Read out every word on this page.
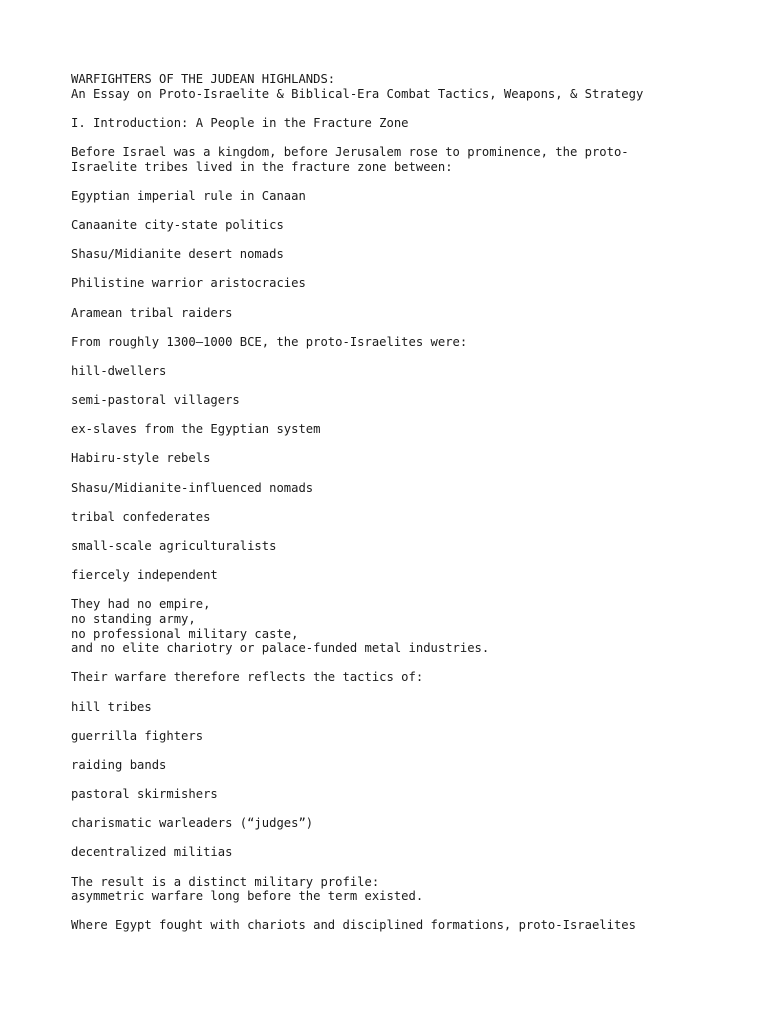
WARFIGHTERS OF THE JUDEAN HIGHLANDS:
An Essay on Proto-Israelite & Biblical-Era Combat Tactics, Weapons, & Strategy
I. Introduction: A People in the Fracture Zone
Before Israel was a kingdom, before Jerusalem rose to prominence, the proto-
Israelite tribes lived in the fracture zone between:
Egyptian imperial rule in Canaan
Canaanite city-state politics
Shasu/Midianite desert nomads
Philistine warrior aristocracies
Aramean tribal raiders
From roughly 1300–1000 BCE, the proto-Israelites were:
hill-dwellers
semi-pastoral villagers
ex-slaves from the Egyptian system
Habiru-style rebels
Shasu/Midianite-influenced nomads
tribal confederates
small-scale agriculturalists
fiercely independent
They had no empire,
no standing army,
no professional military caste,
and no elite chariotry or palace-funded metal industries.
Their warfare therefore reflects the tactics of:
hill tribes
guerrilla fighters
raiding bands
pastoral skirmishers
charismatic warleaders (“judges”)
decentralized militias
The result is a distinct military profile:
asymmetric warfare long before the term existed.
Where Egypt fought with chariots and disciplined formations, proto-Israelites
